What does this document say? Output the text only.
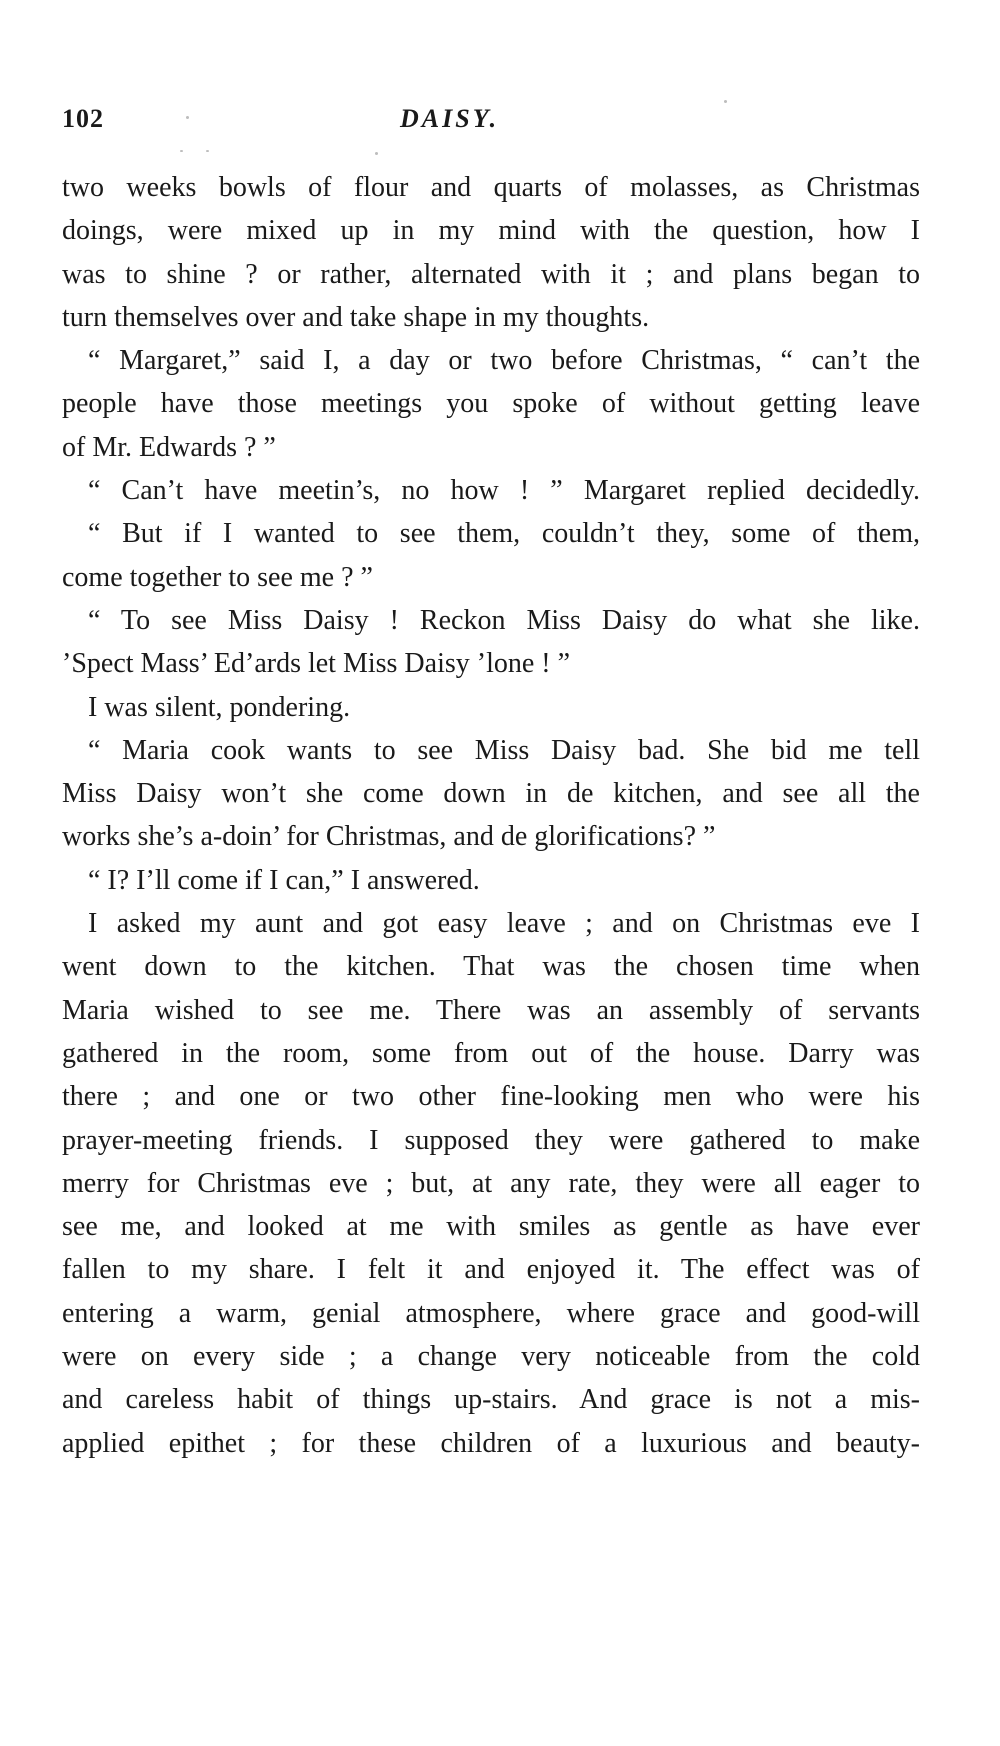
102	DAISY.
two weeks bowls of flour and quarts of molasses, as Christmas
doings, were mixed up in my mind with the question, how I
was to shine ? or rather, alternated with it ; and plans began to
turn themselves over and take shape in my thoughts.
“ Margaret,” said I, a day or two before Christmas, “ can’t the
people have those meetings you spoke of without getting leave
of Mr. Edwards ? ”
“ Can’t have meetin’s, no how ! ” Margaret replied decidedly.
“ But if I wanted to see them, couldn’t they, some of them,
come together to see me ? ”
“ To see Miss Daisy ! Reckon Miss Daisy do what she like.
’Spect Mass’ Ed’ards let Miss Daisy ’lone ! ”
I was silent, pondering.
“ Maria cook wants to see Miss Daisy bad. She bid me tell
Miss Daisy won’t she come down in de kitchen, and see all the
works she’s a-doin’ for Christmas, and de glorifications? ”
“ I? I’ll come if I can,” I answered.
I asked my aunt and got easy leave ; and on Christmas eve I
went down to the kitchen. That was the chosen time when
Maria wished to see me. There was an assembly of servants
gathered in the room, some from out of the house. Darry was
there ; and one or two other fine-looking men who were his
prayer-meeting friends. I supposed they were gathered to make
merry for Christmas eve ; but, at any rate, they were all eager to
see me, and looked at me with smiles as gentle as have ever
fallen to my share. I felt it and enjoyed it. The effect was of
entering a warm, genial atmosphere, where grace and good-will
were on every side ; a change very noticeable from the cold
and careless habit of things up-stairs. And grace is not a mis-
applied epithet ; for these children of a luxurious and beauty-
